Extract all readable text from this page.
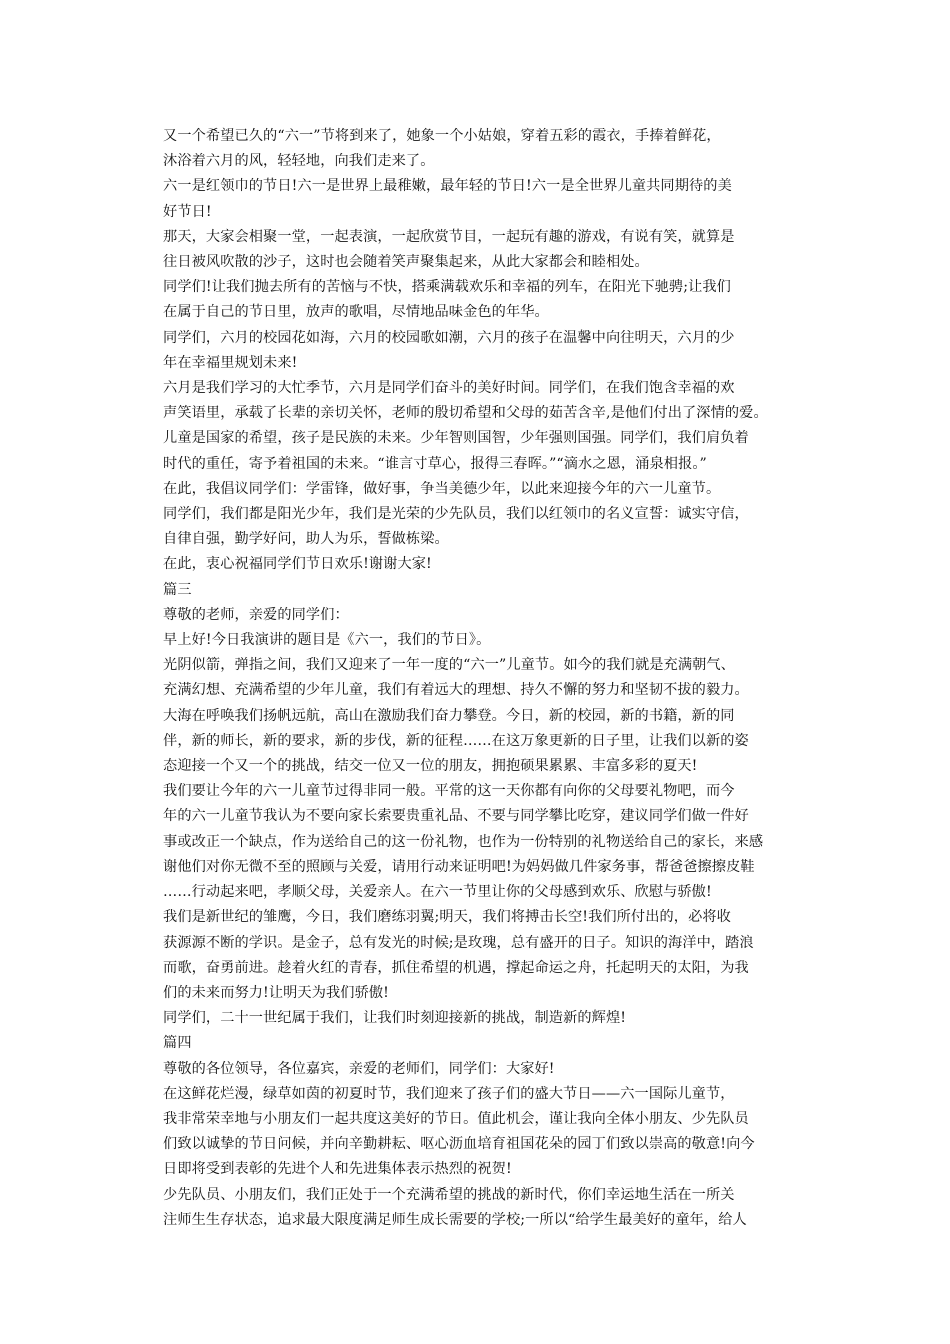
又一个希望已久的“六一”节将到来了，她象一个小姑娘，穿着五彩的霞衣，手捧着鲜花，
沐浴着六月的风，轻轻地，向我们走来了。

六一是红领巾的节日!六一是世界上最稚嫩，最年轻的节日!六一是全世界儿童共同期待的美
好节日!

那天，大家会相聚一堂，一起表演，一起欣赏节目，一起玩有趣的游戏，有说有笑，就算是
往日被风吹散的沙子，这时也会随着笑声聚集起来，从此大家都会和睦相处。

同学们!让我们抛去所有的苦恼与不快，搭乘满载欢乐和幸福的列车，在阳光下驰骋;让我们
在属于自己的节日里，放声的歌唱，尽情地品味金色的年华。

同学们，六月的校园花如海，六月的校园歌如潮，六月的孩子在温馨中向往明天，六月的少
年在幸福里规划未来!

六月是我们学习的大忙季节，六月是同学们奋斗的美好时间。同学们，在我们饱含幸福的欢
声笑语里，承载了长辈的亲切关怀，老师的殷切希望和父母的茹苦含辛,是他们付出了深情的爱。
儿童是国家的希望，孩子是民族的未来。少年智则国智，少年强则国强。同学们，我们肩负着
时代的重任，寄予着祖国的未来。“谁言寸草心，报得三春晖。”“滴水之恩，涌泉相报。”
在此，我倡议同学们：学雷锋，做好事，争当美德少年，以此来迎接今年的六一儿童节。

同学们，我们都是阳光少年，我们是光荣的少先队员，我们以红领巾的名义宣誓：诚实守信，
自律自强，勤学好问，助人为乐，誓做栋梁。

在此，衷心祝福同学们节日欢乐!谢谢大家!

篇三

尊敬的老师，亲爱的同学们：

早上好!今日我演讲的题目是《六一，我们的节日》。

光阴似箭，弹指之间，我们又迎来了一年一度的“六一”儿童节。如今的我们就是充满朝气、
充满幻想、充满希望的少年儿童，我们有着远大的理想、持久不懈的努力和坚韧不拔的毅力。

大海在呼唤我们扬帆远航，高山在激励我们奋力攀登。今日，新的校园，新的书籍，新的同
伴，新的师长，新的要求，新的步伐，新的征程……在这万象更新的日子里，让我们以新的姿
态迎接一个又一个的挑战，结交一位又一位的朋友，拥抱硕果累累、丰富多彩的夏天!

我们要让今年的六一儿童节过得非同一般。平常的这一天你都有向你的父母要礼物吧，而今
年的六一儿童节我认为不要向家长索要贵重礼品、不要与同学攀比吃穿，建议同学们做一件好
事或改正一个缺点，作为送给自己的这一份礼物，也作为一份特别的礼物送给自己的家长，来感
谢他们对你无微不至的照顾与关爱，请用行动来证明吧!为妈妈做几件家务事，帮爸爸擦擦皮鞋
……行动起来吧，孝顺父母，关爱亲人。在六一节里让你的父母感到欢乐、欣慰与骄傲!

我们是新世纪的雏鹰，今日，我们磨练羽翼;明天，我们将搏击长空!我们所付出的，必将收
获源源不断的学识。是金子，总有发光的时候;是玫瑰，总有盛开的日子。知识的海洋中，踏浪
而歌，奋勇前进。趁着火红的青春，抓住希望的机遇，撑起命运之舟，托起明天的太阳，为我
们的未来而努力!让明天为我们骄傲!

同学们，二十一世纪属于我们，让我们时刻迎接新的挑战，制造新的辉煌!

篇四

尊敬的各位领导，各位嘉宾，亲爱的老师们，同学们：大家好!

在这鲜花烂漫，绿草如茵的初夏时节，我们迎来了孩子们的盛大节日——六一国际儿童节，
我非常荣幸地与小朋友们一起共度这美好的节日。值此机会，谨让我向全体小朋友、少先队员
们致以诚挚的节日问候，并向辛勤耕耘、呕心沥血培育祖国花朵的园丁们致以崇高的敬意!向今
日即将受到表彰的先进个人和先进集体表示热烈的祝贺!

少先队员、小朋友们，我们正处于一个充满希望的挑战的新时代，你们幸运地生活在一所关
注师生生存状态，追求最大限度满足师生成长需要的学校;一所以“给学生最美好的童年，给人
